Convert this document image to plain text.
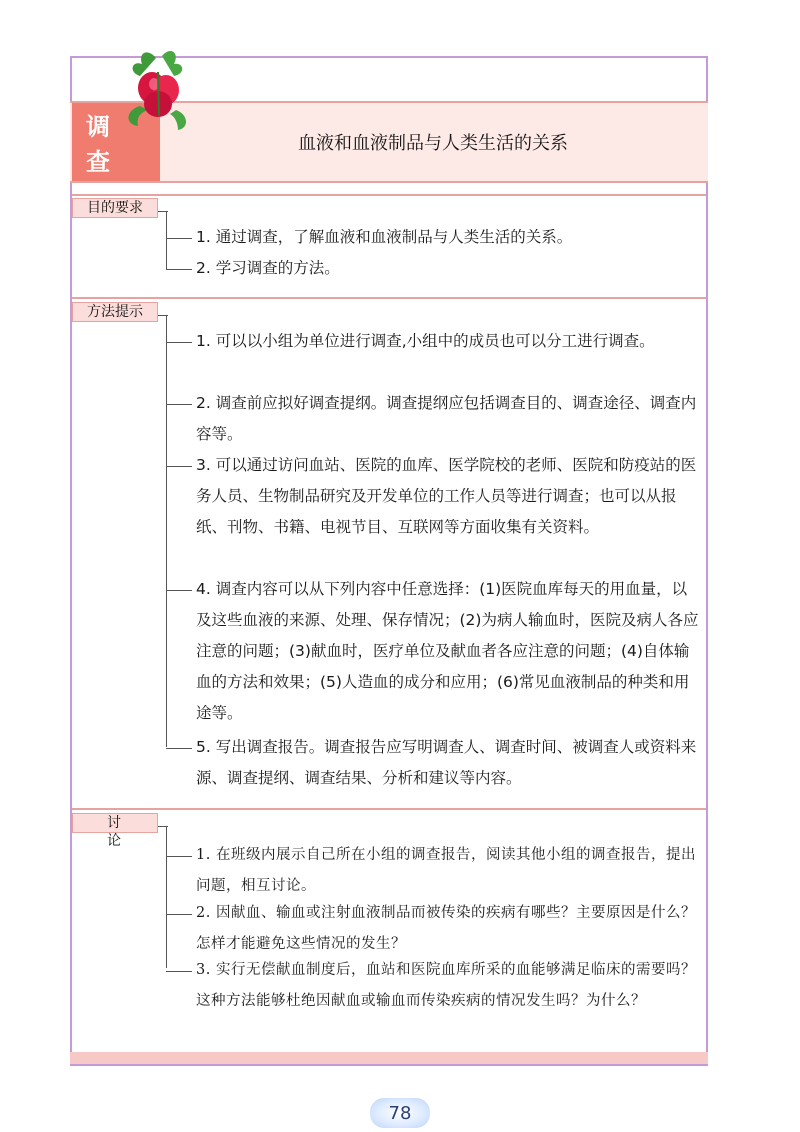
调查
血液和血液制品与人类生活的关系
目的要求
1. 通过调查，了解血液和血液制品与人类生活的关系。
2. 学习调查的方法。
方法提示
1. 可以以小组为单位进行调查,小组中的成员也可以分工进行调查。
2. 调查前应拟好调查提纲。调查提纲应包括调查目的、调查途径、调查内容等。
3. 可以通过访问血站、医院的血库、医学院校的老师、医院和防疫站的医务人员、生物制品研究及开发单位的工作人员等进行调查；也可以从报纸、刊物、书籍、电视节目、互联网等方面收集有关资料。
4. 调查内容可以从下列内容中任意选择：(1)医院血库每天的用血量，以及这些血液的来源、处理、保存情况；(2)为病人输血时，医院及病人各应注意的问题；(3)献血时，医疗单位及献血者各应注意的问题；(4)自体输血的方法和效果；(5)人造血的成分和应用；(6)常见血液制品的种类和用途等。
5. 写出调查报告。调查报告应写明调查人、调查时间、被调查人或资料来源、调查提纲、调查结果、分析和建议等内容。
讨论
1. 在班级内展示自己所在小组的调查报告，阅读其他小组的调查报告，提出问题，相互讨论。
2. 因献血、输血或注射血液制品而被传染的疾病有哪些？主要原因是什么？怎样才能避免这些情况的发生？
3. 实行无偿献血制度后，血站和医院血库所采的血能够满足临床的需要吗？这种方法能够杜绝因献血或输血而传染疾病的情况发生吗？为什么？
78
